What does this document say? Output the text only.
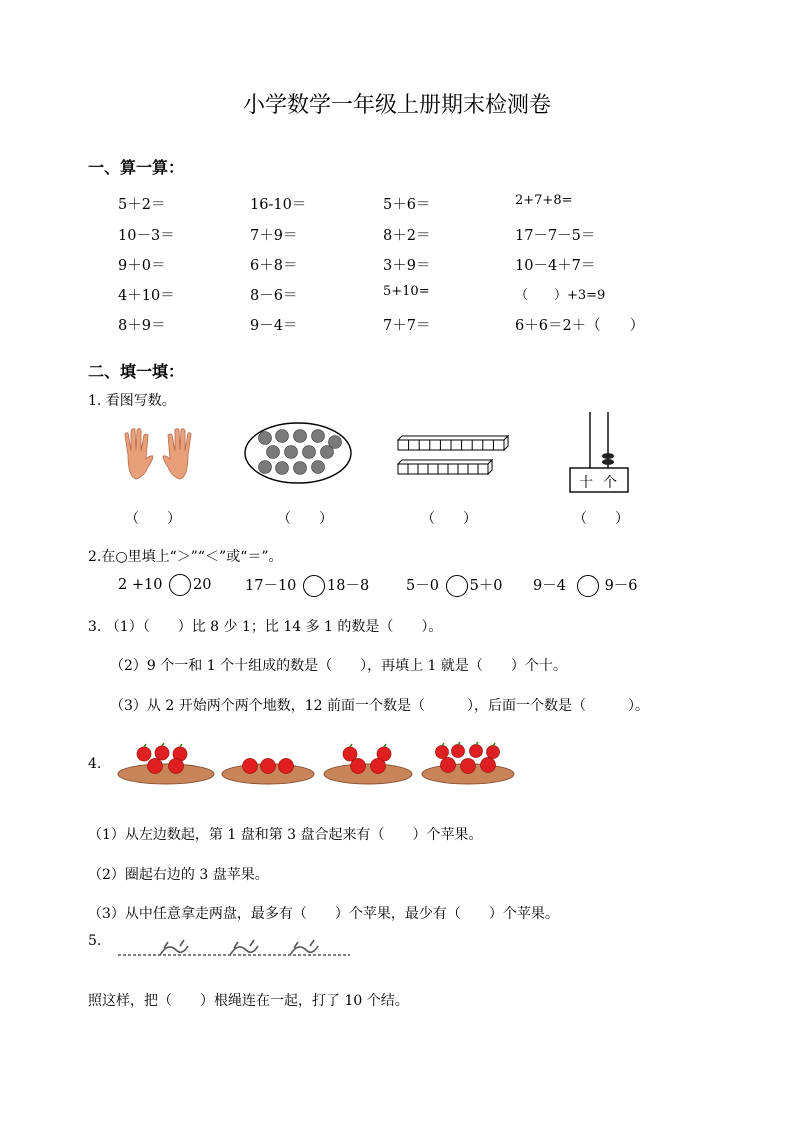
小学数学一年级上册期末检测卷
一、算一算：
5＋2＝	16-10＝	5＋6＝	2+7+8=
10－3＝	7＋9＝	8＋2＝	17－7－5＝
9＋0＝	6＋8＝	3＋9＝	10－4＋7＝
4＋10＝	8－6＝	5+10=	（　　）+3=9
8＋9＝	9－4＝	7＋7＝	6＋6＝2＋（　　）
二、填一填：
1. 看图写数。
十 个
（　　）	（　　）	（　　）	（　　）
2.在○里填上“＞”“＜”或“＝”。
2 +10 20 17－10 18－8	5－0 5＋0 9－4	9－6
3. （1）（　　）比 8 少 1；比 14 多 1 的数是（　　）。
（2）9 个一和 1 个十组成的数是（　　），再填上 1 就是（　　）个十。
（3）从 2 开始两个两个地数，12 前面一个数是（　　　），后面一个数是（　　　）。
4.
（1）从左边数起，第 1 盘和第 3 盘合起来有（　　）个苹果。
（2）圈起右边的 3 盘苹果。
（3）从中任意拿走两盘，最多有（　　）个苹果，最少有（　　）个苹果。
5.
照这样，把（　　）根绳连在一起，打了 10 个结。
